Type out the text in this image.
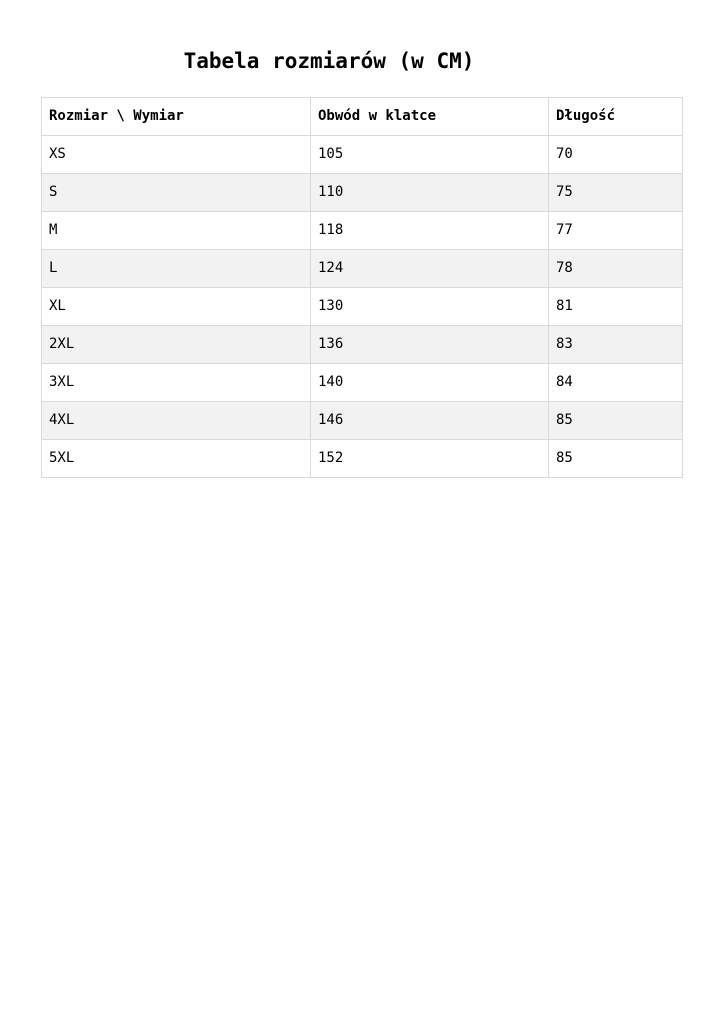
Tabela rozmiarów (w CM)
Rozmiar \ Wymiar	Obwód w klatce	Długość
XS	105	70
S	110	75
M	118	77
L	124	78
XL	130	81
2XL	136	83
3XL	140	84
4XL	146	85
5XL	152	85
